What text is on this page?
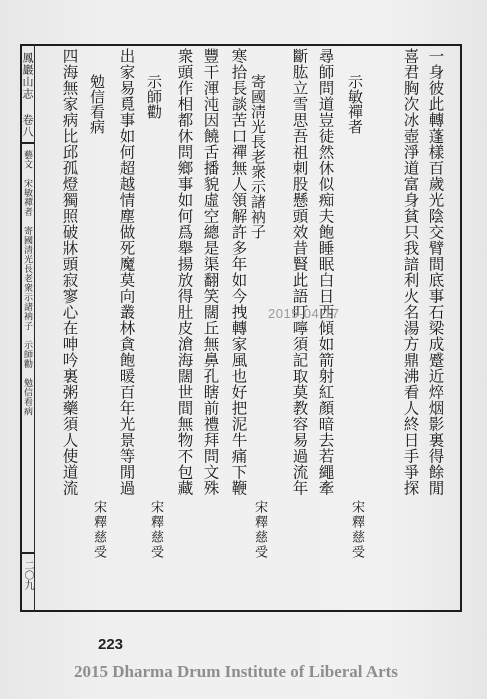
鳳巖山志 卷八
藝文　宋敏禪者　寄國清光長老衆示諸衲子　示師勸　勉信看病
二〇九
一身彼此轉蓬樣百歲光陰交臂間底事石梁成蹙近焠烟影裏得餘閒
喜君胸次冰壺淨道富身貧只我諳利火名湯方鼎沸看人終日手爭探
示敏禪者
宋釋慈受
尋師問道豈徒然休似痴夫飽睡眠白日西傾如箭射紅顏暗去若繩牽
斷肱立雪思吾祖刺股懸頭效昔賢此語叮嚀須記取莫教容易過流年
寄國淸光長老衆示諸衲子
宋釋慈受
寒拾長談苦口禪無人領解許多年如今拽轉家風也好把泥牛痛下鞭
豐干渾沌因饒舌播貌虛空總是渠翻笑闊丘無鼻孔瞎前禮拜問文殊
衆頭作相都休問鄉事如何爲舉揚放得肚皮滄海闊世間無物不包藏
示師勸
宋釋慈受
出家易覓事如何超越情塵做死魔莫向叢林貪飽暖百年光景等閒過
勉信看病
宋釋慈受
四海無家病比邱孤燈獨照破牀頭寂寥心在呻吟裏粥藥須人使道流	2015-04-17
223
2015 Dharma Drum Institute of Liberal Arts
